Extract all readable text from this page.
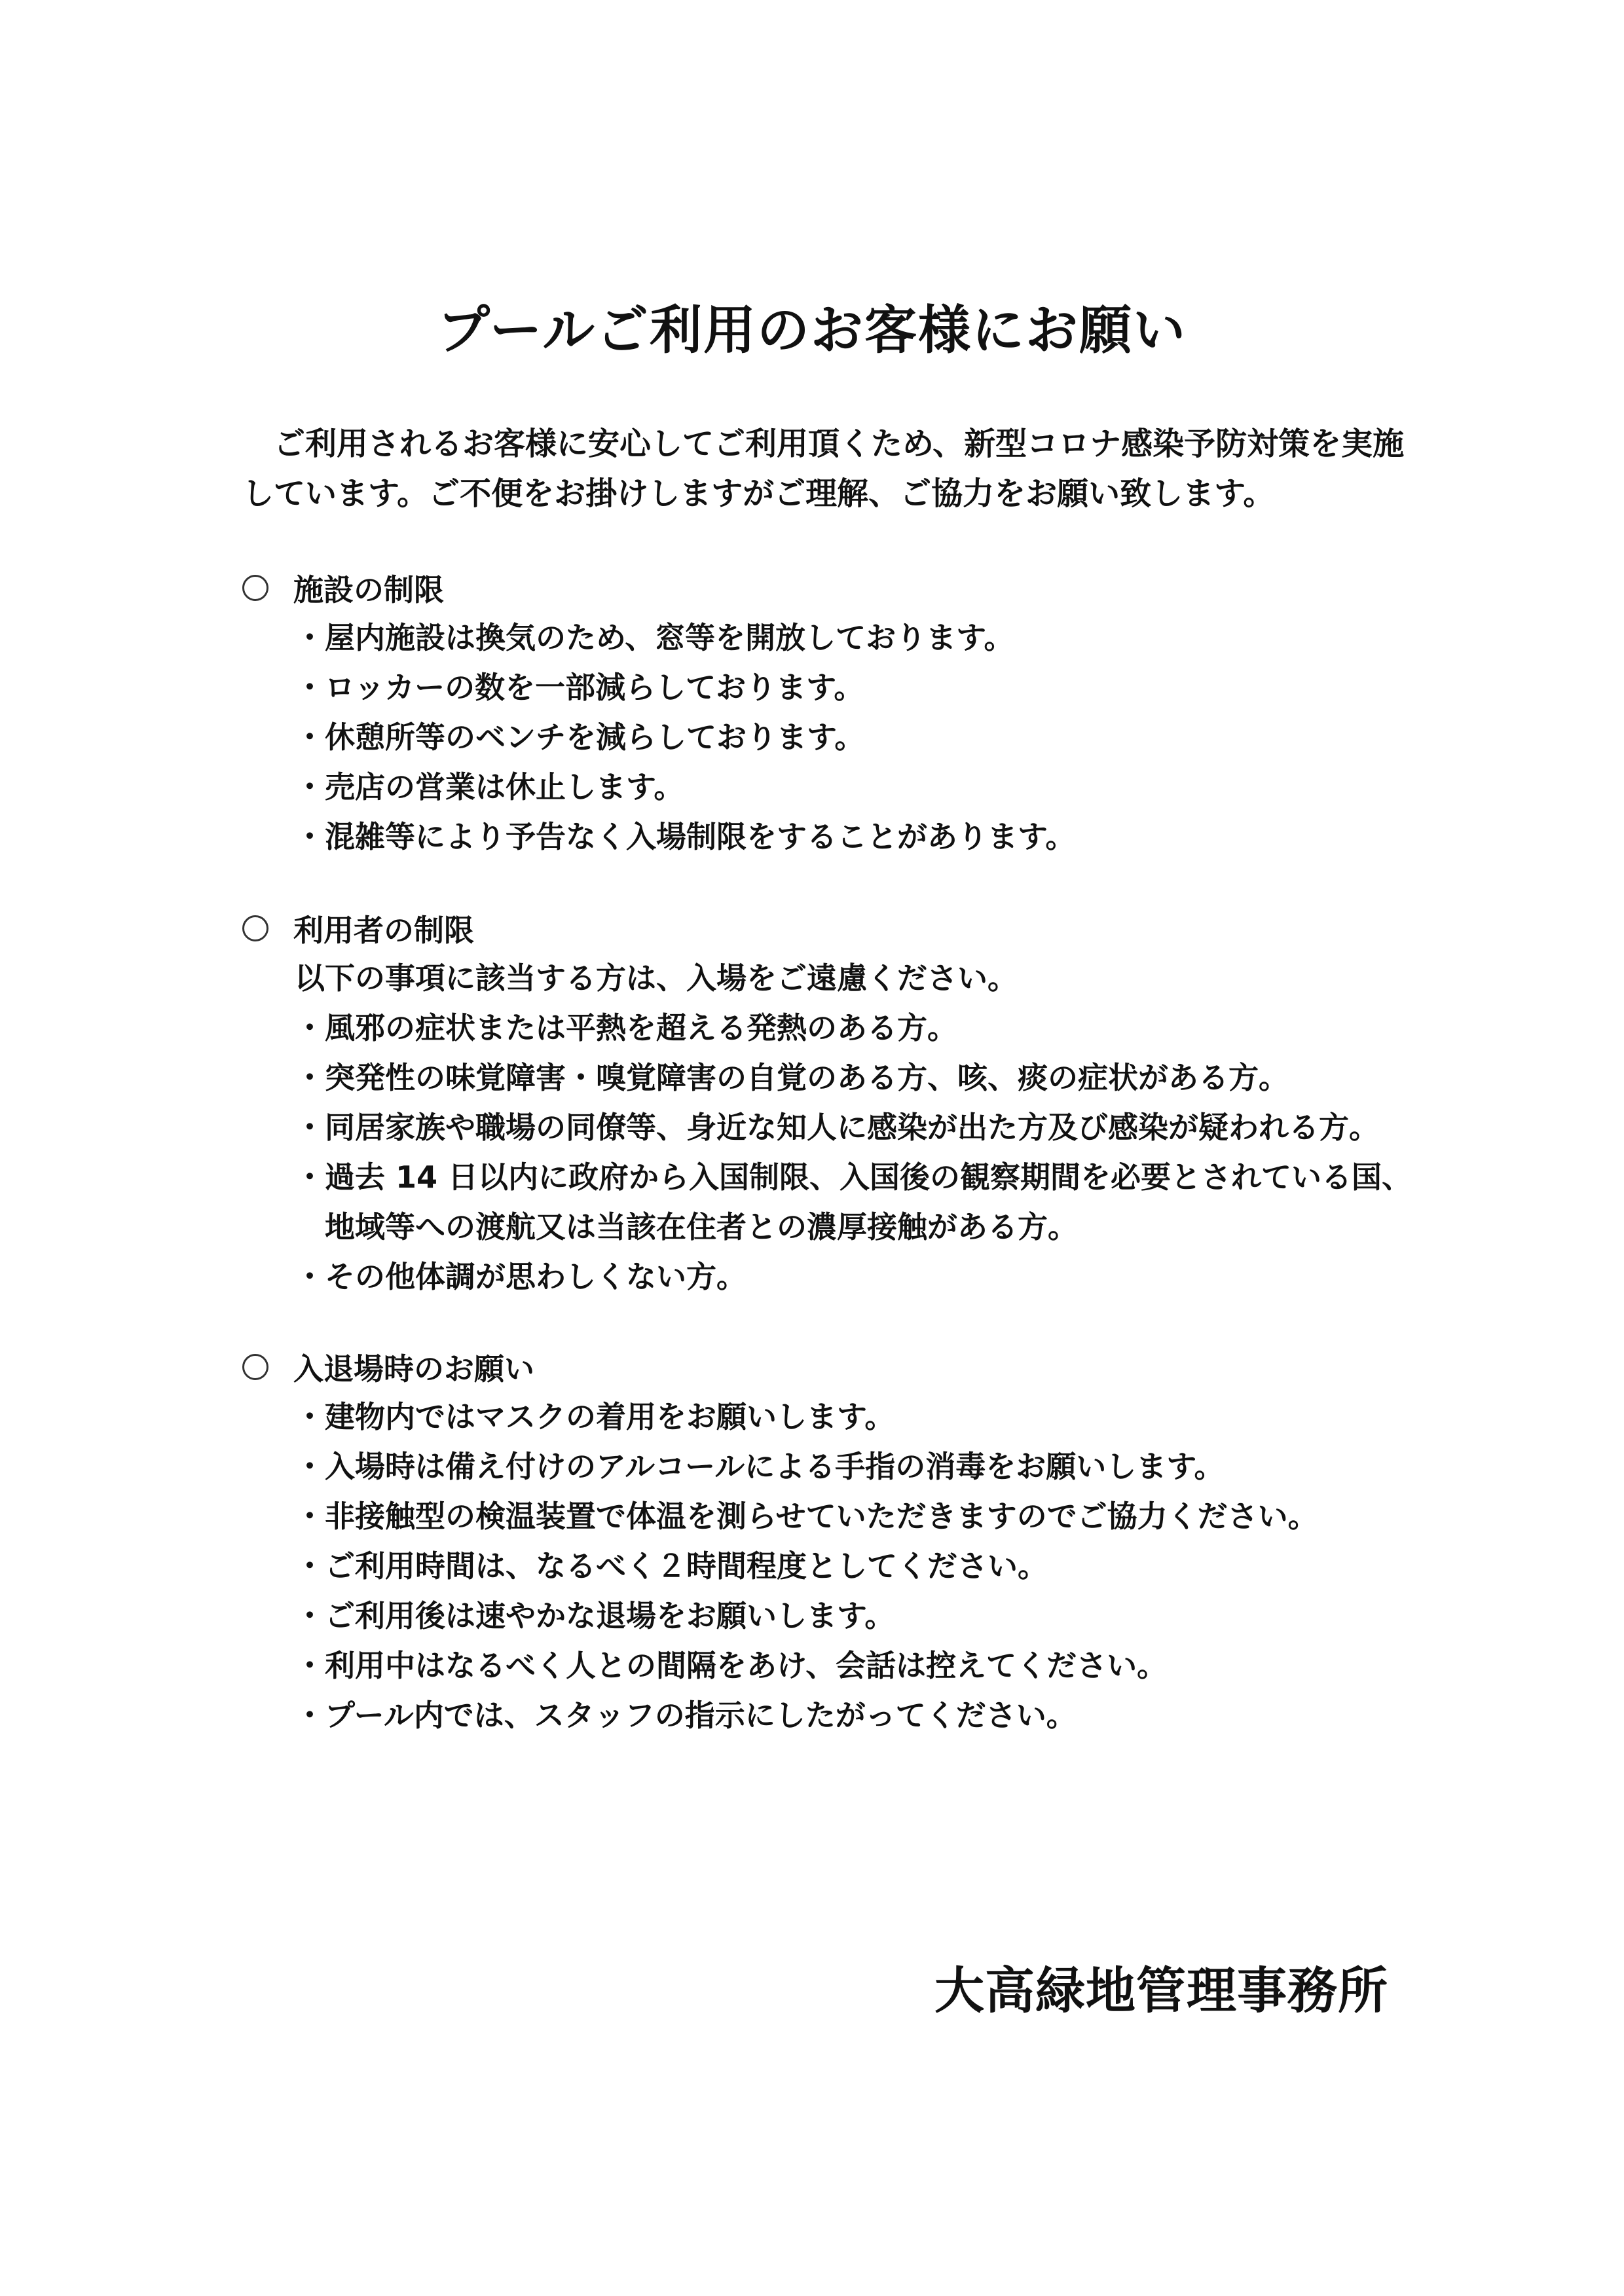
プールご利用のお客様にお願い
ご利用されるお客様に安心してご利用頂くため、新型コロナ感染予防対策を実施
しています。ご不便をお掛けしますがご理解、ご協力をお願い致します。
施設の制限
・屋内施設は換気のため、窓等を開放しております。
・ロッカーの数を一部減らしております。
・休憩所等のベンチを減らしております。
・売店の営業は休止します。
・混雑等により予告なく入場制限をすることがあります。
利用者の制限
以下の事項に該当する方は、入場をご遠慮ください。
・風邪の症状または平熱を超える発熱のある方。
・突発性の味覚障害・嗅覚障害の自覚のある方、咳、痰の症状がある方。
・同居家族や職場の同僚等、身近な知人に感染が出た方及び感染が疑われる方。
・過去 14 日以内に政府から入国制限、入国後の観察期間を必要とされている国、
地域等への渡航又は当該在住者との濃厚接触がある方。
・その他体調が思わしくない方。
入退場時のお願い
・建物内ではマスクの着用をお願いします。
・入場時は備え付けのアルコールによる手指の消毒をお願いします。
・非接触型の検温装置で体温を測らせていただきますのでご協力ください。
・ご利用時間は、なるべく２時間程度としてください。
・ご利用後は速やかな退場をお願いします。
・利用中はなるべく人との間隔をあけ、会話は控えてください。
・プール内では、スタッフの指示にしたがってください。
大高緑地管理事務所
